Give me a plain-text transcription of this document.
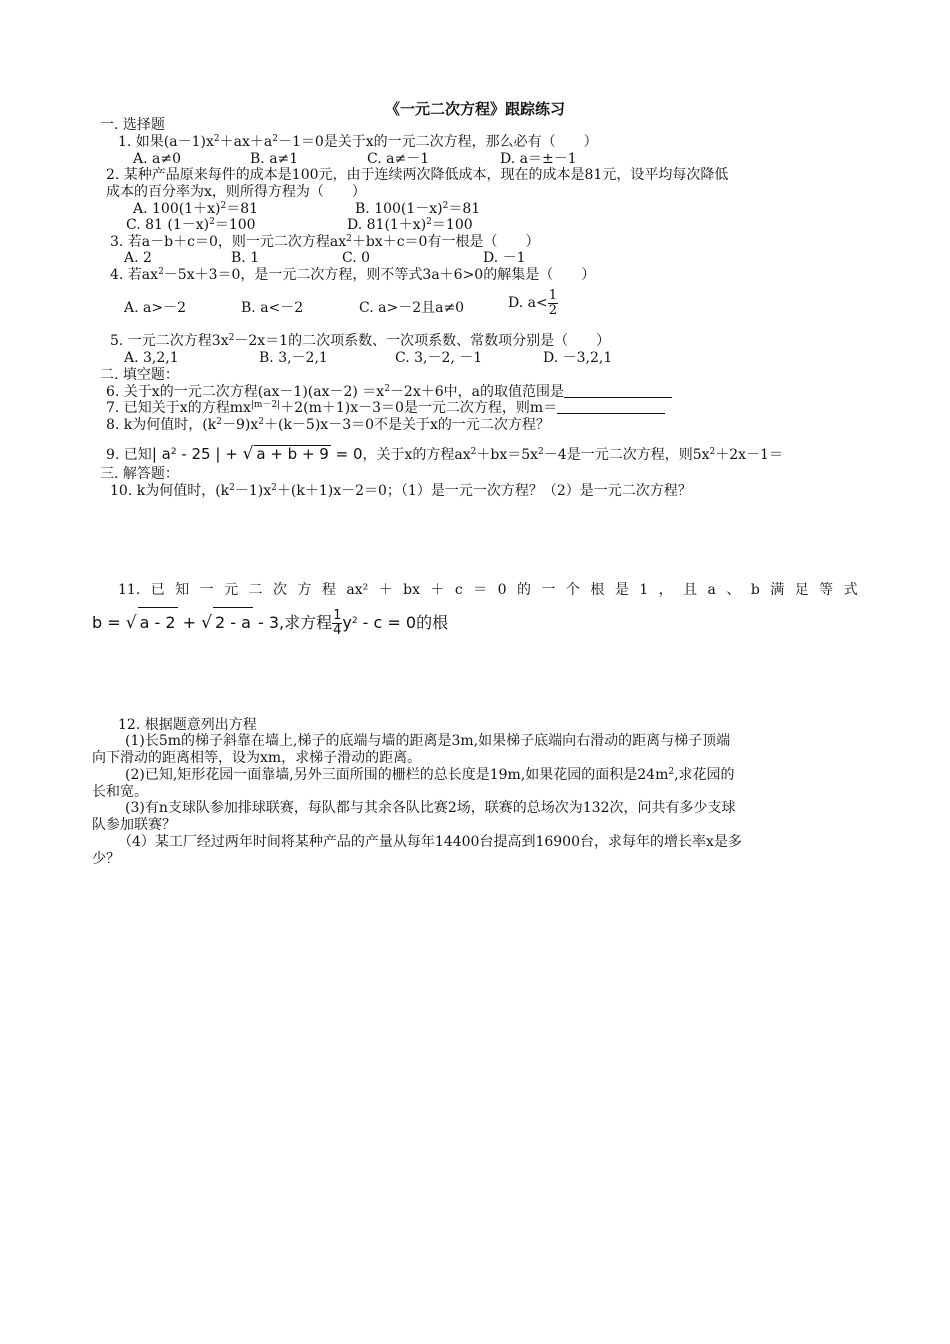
《一元二次方程》跟踪练习
一. 选择题
1. 如果$(a-1)x^2+ax+a^2-1=0$是关于x的一元二次方程，那么必有（　　）
A. a≠0	B. a≠1	C. a≠－1	D. a＝±－1
2. 某种产品原来每件的成本是100元，由于连续两次降低成本，现在的成本是81元，设平均每次降低
成本的百分率为x，则所得方程为（　　）
A. $100(1+x)^2=81$	B. $100(1-x)^2=81$
C. 81 $(1-x)^2=100$	D. $81(1+x)^2=100$
3. 若a－b＋c＝0，则一元二次方程$ax^2+bx+c=0$有一根是（　　）
A. 2	B. 1	C. 0	D. －1
4. 若$ax^2-5x+3=0$，是一元二次方程，则不等式3a＋6>0的解集是（　　）
A. a>－2	B. a<－2	C. a>－2且a≠0	D. $a< \frac{1}{2}$
5. 一元二次方程$3x^2-2x=1$的二次项系数、一次项系数、常数项分别是（　　）
A. 3,2,1	B. 3,－2,1	C. 3,－2, －1	D. －3,2,1
二. 填空题：
6. 关于x的一元二次方程$(ax-1)(ax-2) =x^2-2x+6$中，a的取值范围是
7. 已知关于x的方程$mx^{|m-2|}+2(m+1)x-3=0$是一元二次方程，则m＝
8. k为何值时，$(k^2-9)x^2+(k-5)x-3=0$不是关于x的一元二次方程？
9. 已知| $a^2 - 25$ | + √ a + b + 9 = 0，关于x的方程$ax^2+bx=5x^2-4$是一元二次方程，则$5x^2+2x-1=$
三. 解答题：
10. k为何值时，$(k^2-1)x^2+(k+1)x-2=0$；（1）是一元一次方程？（2）是一元二次方程？
11. 已 知 一 元 二 次 方 程 ax² ＋ bx ＋ c ＝ 0 的 一 个 根 是 1 ， 且 a 、 b 满 足 等 式
b = √ a - 2 + √ 2 - a - 3,求方程 $\frac{1}{4} y^2 - c = 0$的根
12. 根据题意列出方程
(1)长5m的梯子斜靠在墙上,梯子的底端与墙的距离是3m,如果梯子底端向右滑动的距离与梯子顶端
向下滑动的距离相等，设为xm，求梯子滑动的距离。
(2)已知,矩形花园一面靠墙,另外三面所围的栅栏的总长度是19m,如果花园的面积是$24m^2$,求花园的
长和宽。
(3)有n支球队参加排球联赛，每队都与其余各队比赛2场，联赛的总场次为132次，问共有多少支球
队参加联赛？
（4）某工厂经过两年时间将某种产品的产量从每年14400台提高到16900台，求每年的增长率x是多
少？
